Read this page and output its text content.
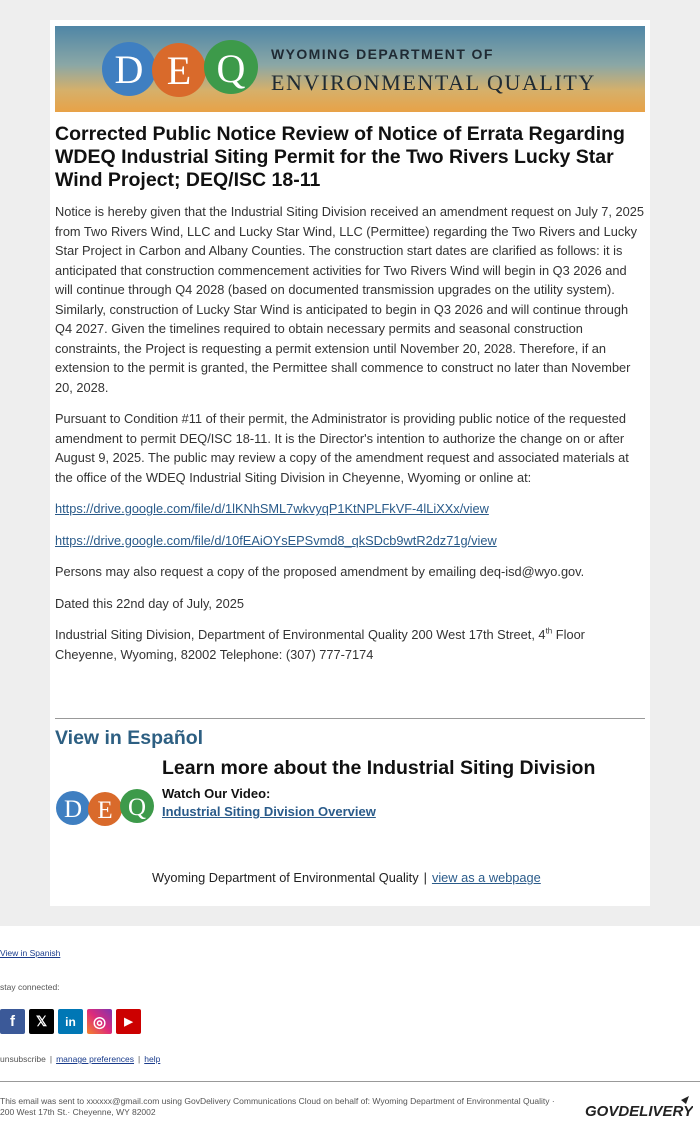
D E Q WYOMING DEPARTMENT OF
ENVIRONMENTAL QUALITY
Corrected Public Notice Review of Notice of Errata Regarding WDEQ Industrial Siting Permit for the Two Rivers Lucky Star Wind Project; DEQ/ISC 18-11

Notice is hereby given that the Industrial Siting Division received an amendment request on July 7, 2025 from Two Rivers Wind, LLC and Lucky Star Wind, LLC (Permittee) regarding the Two Rivers and Lucky Star Project in Carbon and Albany Counties. The construction start dates are clarified as follows: it is anticipated that construction commencement activities for Two Rivers Wind will begin in Q3 2026 and will continue through Q4 2028 (based on documented transmission upgrades on the utility system). Similarly, construction of Lucky Star Wind is anticipated to begin in Q3 2026 and will continue through Q4 2027. Given the timelines required to obtain necessary permits and seasonal construction constraints, the Project is requesting a permit extension until November 20, 2028. Therefore, if an extension to the permit is granted, the Permittee shall commence to construct no later than November 20, 2028.

Pursuant to Condition #11 of their permit, the Administrator is providing public notice of the requested amendment to permit DEQ/ISC 18-11. It is the Director's intention to authorize the change on or after August 9, 2025. The public may review a copy of the amendment request and associated materials at the office of the WDEQ Industrial Siting Division in Cheyenne, Wyoming or online at:

https://drive.google.com/file/d/1lKNhSML7wkvyqP1KtNPLFkVF-4lLiXXx/view

https://drive.google.com/file/d/10fEAiOYsEPSvmd8_qkSDcb9wtR2dz71g/view

Persons may also request a copy of the proposed amendment by emailing deq-isd@wyo.gov.

Dated this 22nd day of July, 2025

Industrial Siting Division, Department of Environmental Quality 200 West 17th Street, 4th Floor Cheyenne, Wyoming, 82002 Telephone: (307) 777-7174

View in Español
D E Q
Learn more about the Industrial Siting Division
Watch Our Video:
Industrial Siting Division Overview
Wyoming Department of Environmental Quality | view as a webpage
View in Spanish
stay connected:
f 𝕏 in ◎ ▶
unsubscribe | manage preferences | help
This email was sent to xxxxxx@gmail.com using GovDelivery Communications Cloud on behalf of: Wyoming Department of Environmental Quality · 200 West 17th St.· Cheyenne, WY 82002	GOVDELIVERY
